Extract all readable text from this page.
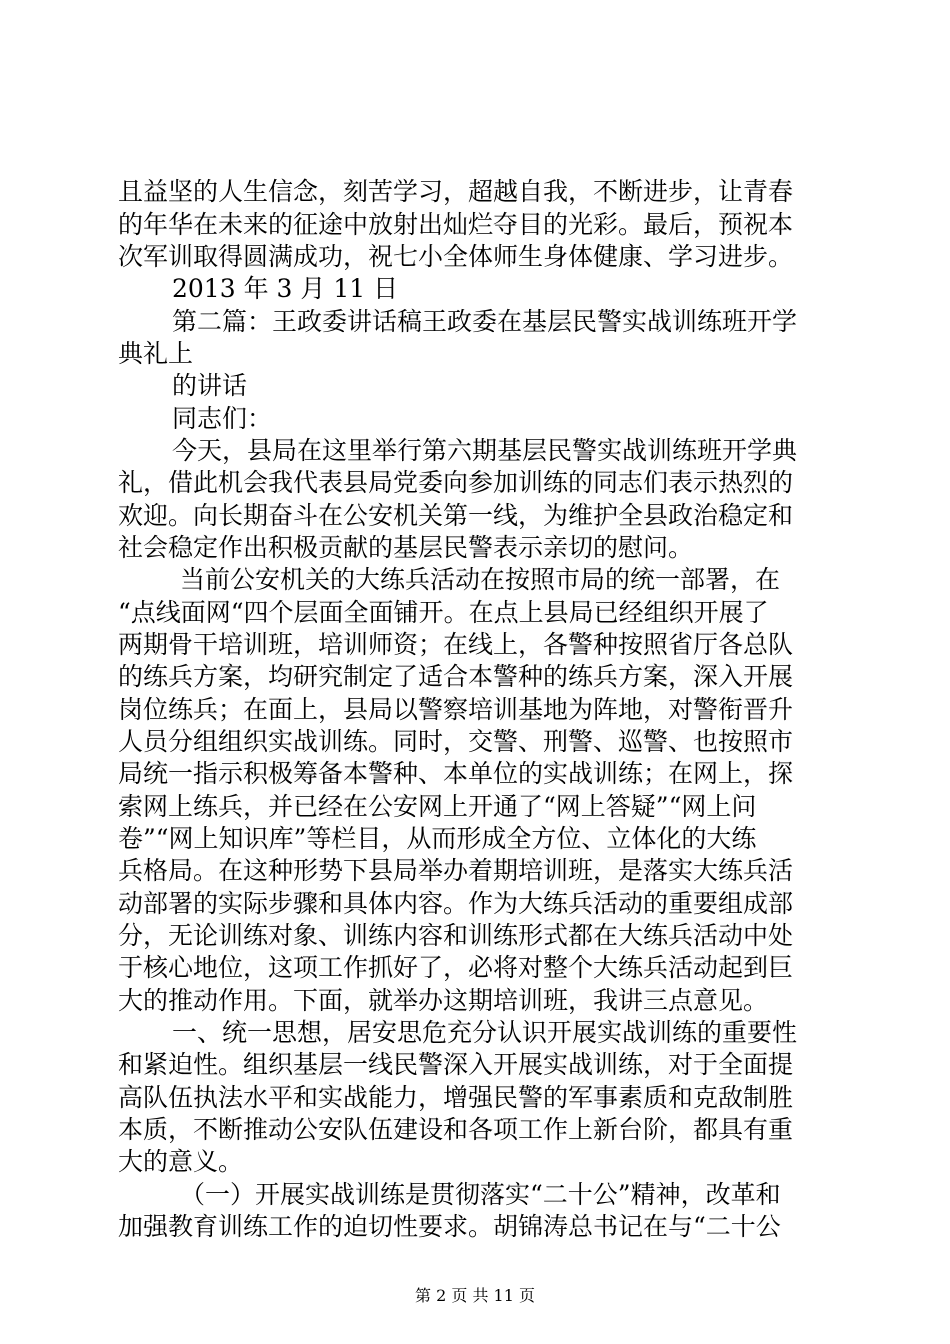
且益坚的人生信念，刻苦学习，超越自我，不断进步，让青春
的年华在未来的征途中放射出灿烂夺目的光彩。最后，预祝本
次军训取得圆满成功，祝七小全体师生身体健康、学习进步。
2013 年 3 月 11 日
第二篇：王政委讲话稿王政委在基层民警实战训练班开学
典礼上
的讲话
同志们：
今天，县局在这里举行第六期基层民警实战训练班开学典
礼，借此机会我代表县局党委向参加训练的同志们表示热烈的
欢迎。向长期奋斗在公安机关第一线，为维护全县政治稳定和
社会稳定作出积极贡献的基层民警表示亲切的慰问。
当前公安机关的大练兵活动在按照市局的统一部署，在
“点线面网“四个层面全面铺开。在点上县局已经组织开展了
两期骨干培训班，培训师资；在线上，各警种按照省厅各总队
的练兵方案，均研究制定了适合本警种的练兵方案，深入开展
岗位练兵；在面上，县局以警察培训基地为阵地，对警衔晋升
人员分组组织实战训练。同时，交警、刑警、巡警、也按照市
局统一指示积极筹备本警种、本单位的实战训练；在网上，探
索网上练兵，并已经在公安网上开通了“网上答疑”“网上问
卷”“网上知识库”等栏目，从而形成全方位、立体化的大练
兵格局。在这种形势下县局举办着期培训班，是落实大练兵活
动部署的实际步骤和具体内容。作为大练兵活动的重要组成部
分，无论训练对象、训练内容和训练形式都在大练兵活动中处
于核心地位，这项工作抓好了，必将对整个大练兵活动起到巨
大的推动作用。下面，就举办这期培训班，我讲三点意见。
一、统一思想，居安思危充分认识开展实战训练的重要性
和紧迫性。组织基层一线民警深入开展实战训练，对于全面提
高队伍执法水平和实战能力，增强民警的军事素质和克敌制胜
本质，不断推动公安队伍建设和各项工作上新台阶，都具有重
大的意义。
（一）开展实战训练是贯彻落实“二十公”精神，改革和
加强教育训练工作的迫切性要求。胡锦涛总书记在与“二十公
第 2 页 共 11 页
